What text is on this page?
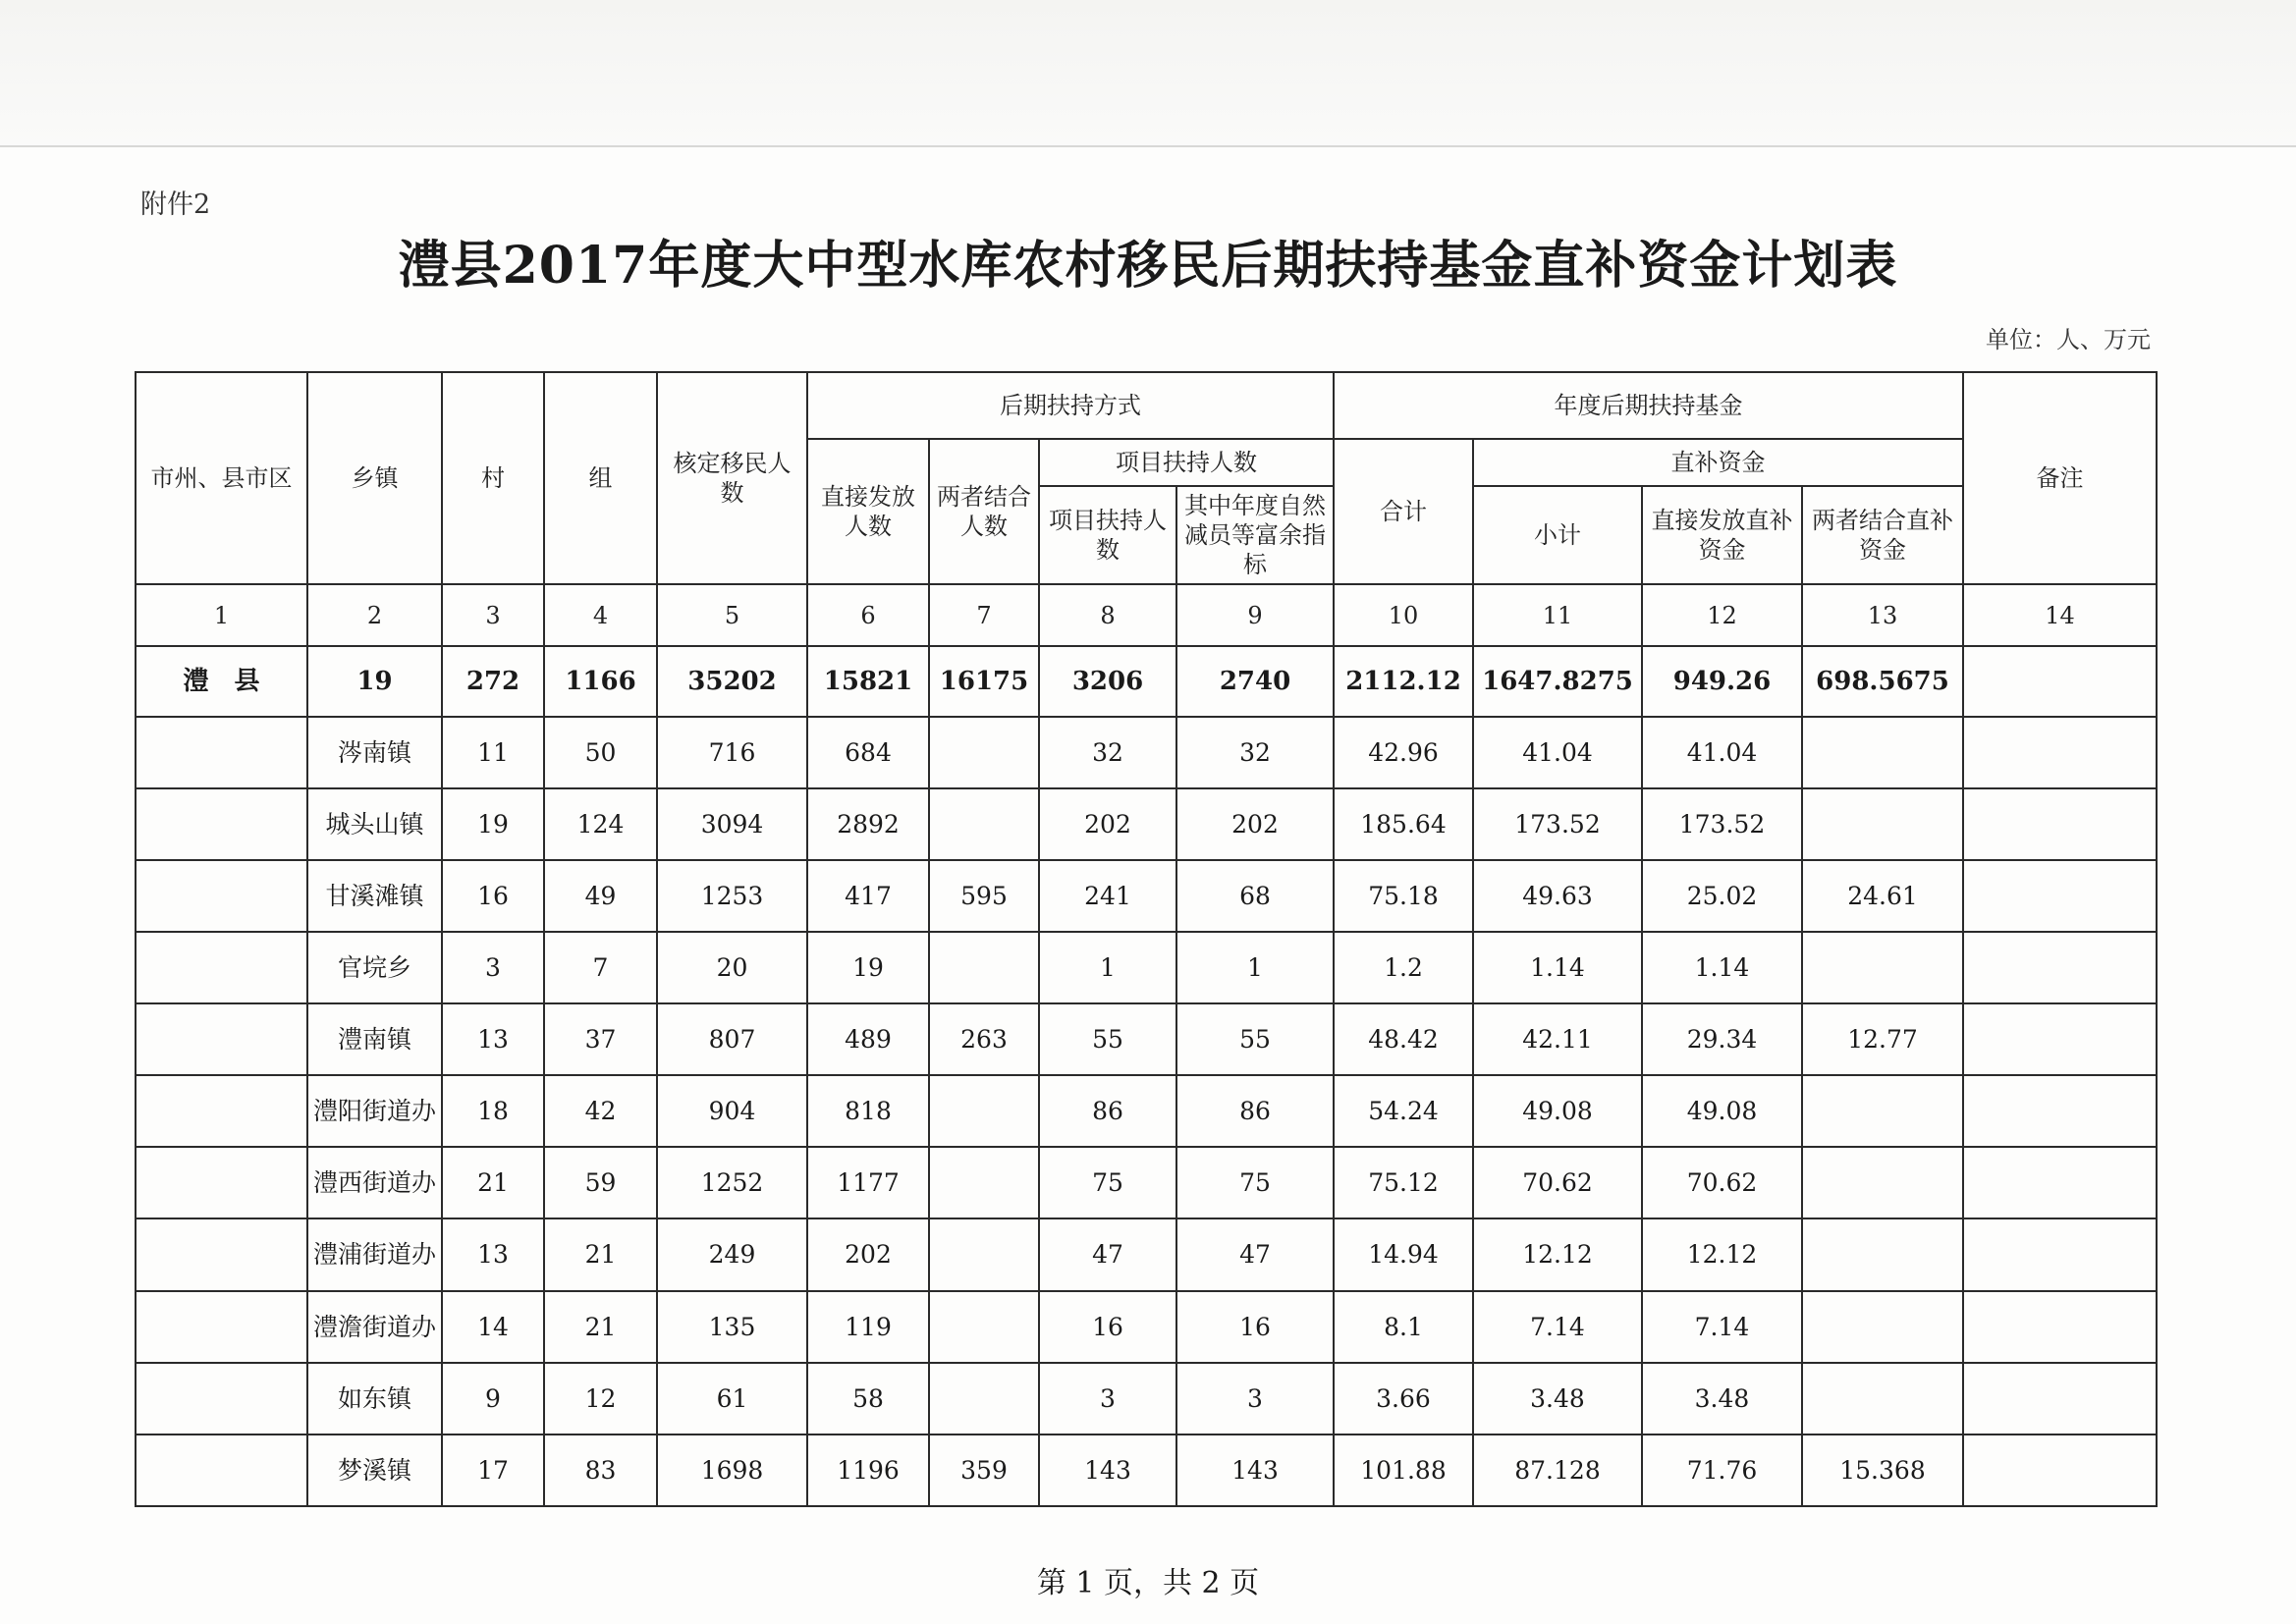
附件2
澧县2017年度大中型水库农村移民后期扶持基金直补资金计划表
单位：人、万元
市州、县市区	乡镇	村	组	核定移民人数	后期扶持方式				年度后期扶持基金				备注
					直接发放人数	两者结合人数	项目扶持人数		合计	直补资金			
							项目扶持人数	其中年度自然减员等富余指标		小计	直接发放直补资金	两者结合直补资金	
1	2	3	4	5	6	7	8	9	10	11	12	13	14
澧　县	19	272	1166	35202	15821	16175	3206	2740	2112.12	1647.8275	949.26	698.5675	
	涔南镇	11	50	716	684		32	32	42.96	41.04	41.04		
	城头山镇	19	124	3094	2892		202	202	185.64	173.52	173.52		
	甘溪滩镇	16	49	1253	417	595	241	68	75.18	49.63	25.02	24.61	
	官垸乡	3	7	20	19		1	1	1.2	1.14	1.14		
	澧南镇	13	37	807	489	263	55	55	48.42	42.11	29.34	12.77	
	澧阳街道办	18	42	904	818		86	86	54.24	49.08	49.08		
	澧西街道办	21	59	1252	1177		75	75	75.12	70.62	70.62		
	澧浦街道办	13	21	249	202		47	47	14.94	12.12	12.12		
	澧澹街道办	14	21	135	119		16	16	8.1	7.14	7.14		
	如东镇	9	12	61	58		3	3	3.66	3.48	3.48		
	梦溪镇	17	83	1698	1196	359	143	143	101.88	87.128	71.76	15.368	
第 1 页，共 2 页
